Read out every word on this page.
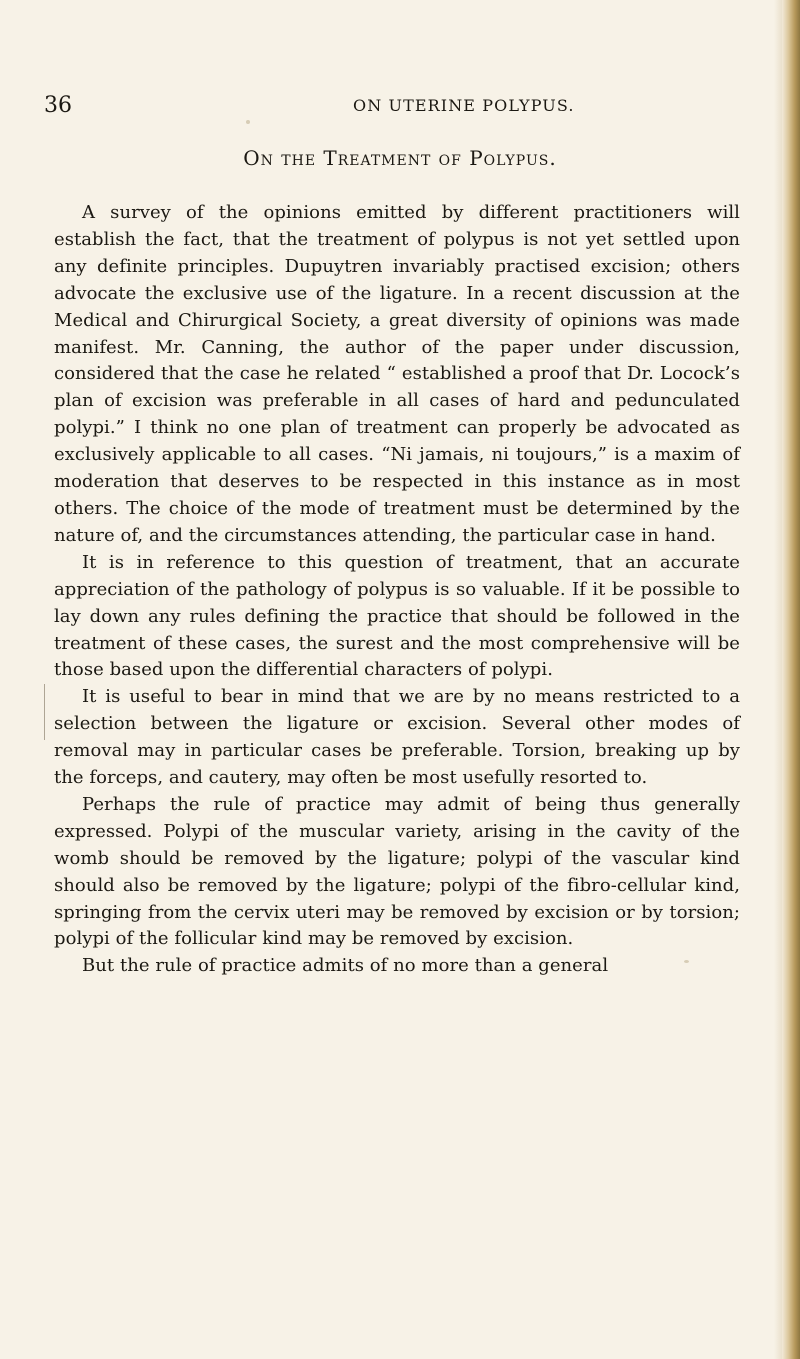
36	ON UTERINE POLYPUS.
On the Treatment of Polypus.

A survey of the opinions emitted by different practitioners will establish the fact, that the treatment of polypus is not yet settled upon any definite principles. Dupuytren invariably practised excision; others advocate the exclusive use of the ligature. In a recent discussion at the Medical and Chirurgical Society, a great diversity of opinions was made manifest. Mr. Canning, the author of the paper under discussion, considered that the case he related “ established a proof that Dr. Locock’s plan of excision was preferable in all cases of hard and pedunculated polypi.” I think no one plan of treatment can properly be advocated as exclusively applicable to all cases. “Ni jamais, ni toujours,” is a maxim of moderation that deserves to be respected in this instance as in most others. The choice of the mode of treatment must be determined by the nature of, and the circumstances attending, the particular case in hand.

It is in reference to this question of treatment, that an accurate appreciation of the pathology of polypus is so valuable. If it be possible to lay down any rules defining the practice that should be followed in the treatment of these cases, the surest and the most comprehensive will be those based upon the differential characters of polypi.

It is useful to bear in mind that we are by no means restricted to a selection between the ligature or excision. Several other modes of removal may in particular cases be preferable. Torsion, breaking up by the forceps, and cautery, may often be most usefully resorted to.

Perhaps the rule of practice may admit of being thus generally expressed. Polypi of the muscular variety, arising in the cavity of the womb should be removed by the ligature; polypi of the vascular kind should also be removed by the ligature; polypi of the fibro-cellular kind, springing from the cervix uteri may be removed by excision or by torsion; polypi of the follicular kind may be removed by excision.

But the rule of practice admits of no more than a general
